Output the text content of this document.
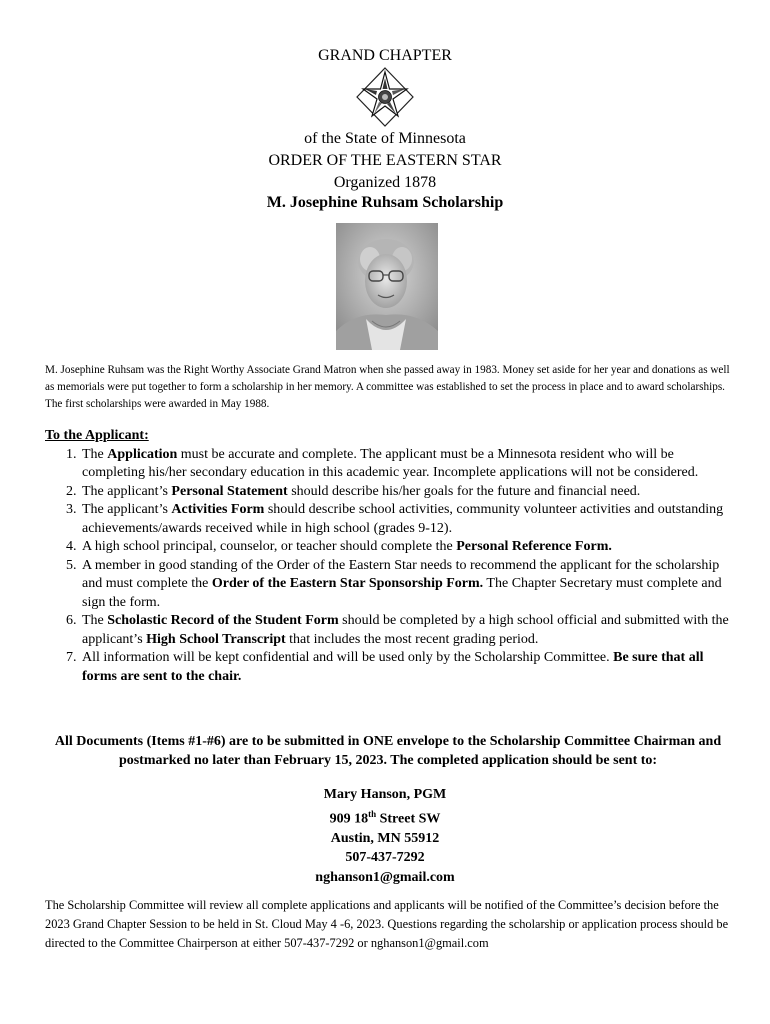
GRAND CHAPTER
of the State of Minnesota
ORDER OF THE EASTERN STAR
Organized 1878
M. Josephine Ruhsam Scholarship

M. Josephine Ruhsam was the Right Worthy Associate Grand Matron when she passed away in 1983. Money set aside for her year and donations as well as memorials were put together to form a scholarship in her memory. A committee was established to set the process in place and to award scholarships. The first scholarships were awarded in May 1988.

To the Applicant:
1. The Application must be accurate and complete. The applicant must be a Minnesota resident who will be completing his/her secondary education in this academic year. Incomplete applications will not be considered.
2. The applicant’s Personal Statement should describe his/her goals for the future and financial need.
3. The applicant’s Activities Form should describe school activities, community volunteer activities and outstanding achievements/awards received while in high school (grades 9-12).
4. A high school principal, counselor, or teacher should complete the Personal Reference Form.
5. A member in good standing of the Order of the Eastern Star needs to recommend the applicant for the scholarship and must complete the Order of the Eastern Star Sponsorship Form. The Chapter Secretary must complete and sign the form.
6. The Scholastic Record of the Student Form should be completed by a high school official and submitted with the applicant’s High School Transcript that includes the most recent grading period.
7. All information will be kept confidential and will be used only by the Scholarship Committee. Be sure that all forms are sent to the chair.

All Documents (Items #1-#6) are to be submitted in ONE envelope to the Scholarship Committee Chairman and postmarked no later than February 15, 2023. The completed application should be sent to:

Mary Hanson, PGM
909 18th Street SW
Austin, MN 55912
507-437-7292
nghanson1@gmail.com

The Scholarship Committee will review all complete applications and applicants will be notified of the Committee’s decision before the 2023 Grand Chapter Session to be held in St. Cloud May 4 -6, 2023. Questions regarding the scholarship or application process should be directed to the Committee Chairperson at either 507-437-7292 or nghanson1@gmail.com
